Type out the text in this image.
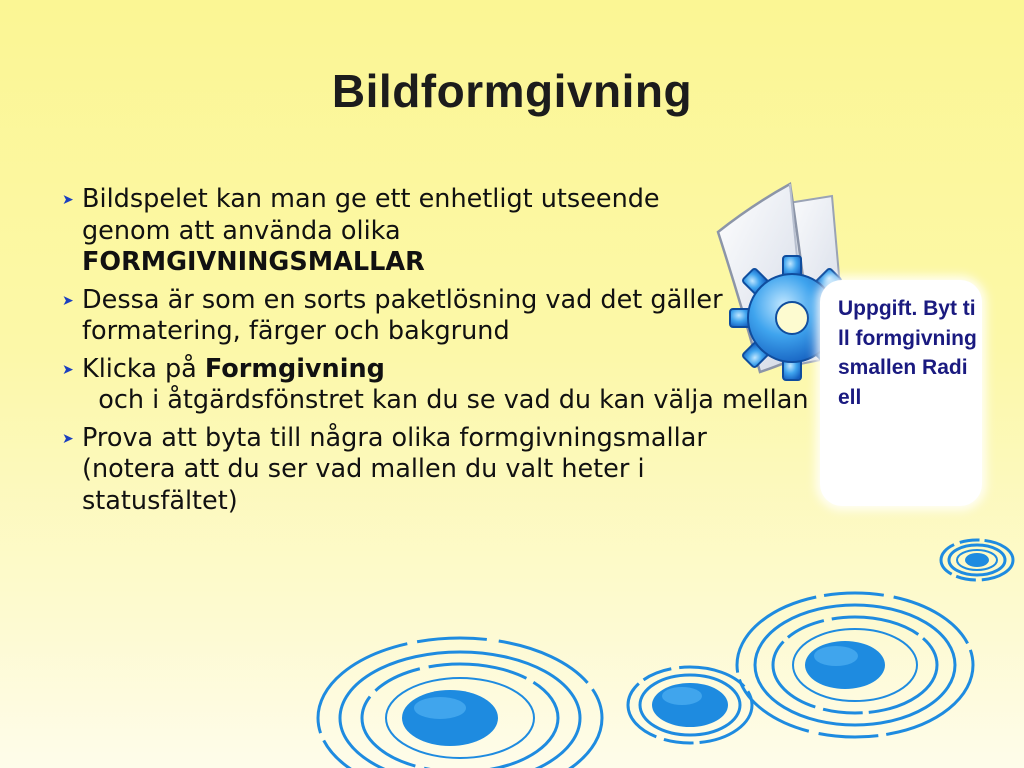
Bildformgivning
➤ Bildspelet kan man ge ett enhetligt utseende genom att använda olika FORMGIVNINGSMALLAR
➤ Dessa är som en sorts paketlösning vad det gäller formatering, färger och bakgrund
➤ Klicka på Formgivning  och i åtgärdsfönstret kan du se vad du kan välja mellan
➤ Prova att byta till några olika formgivningsmallar (notera att du ser vad mallen du valt heter i statusfältet)
Uppgift. Byt till formgivningsmallen Radiell
